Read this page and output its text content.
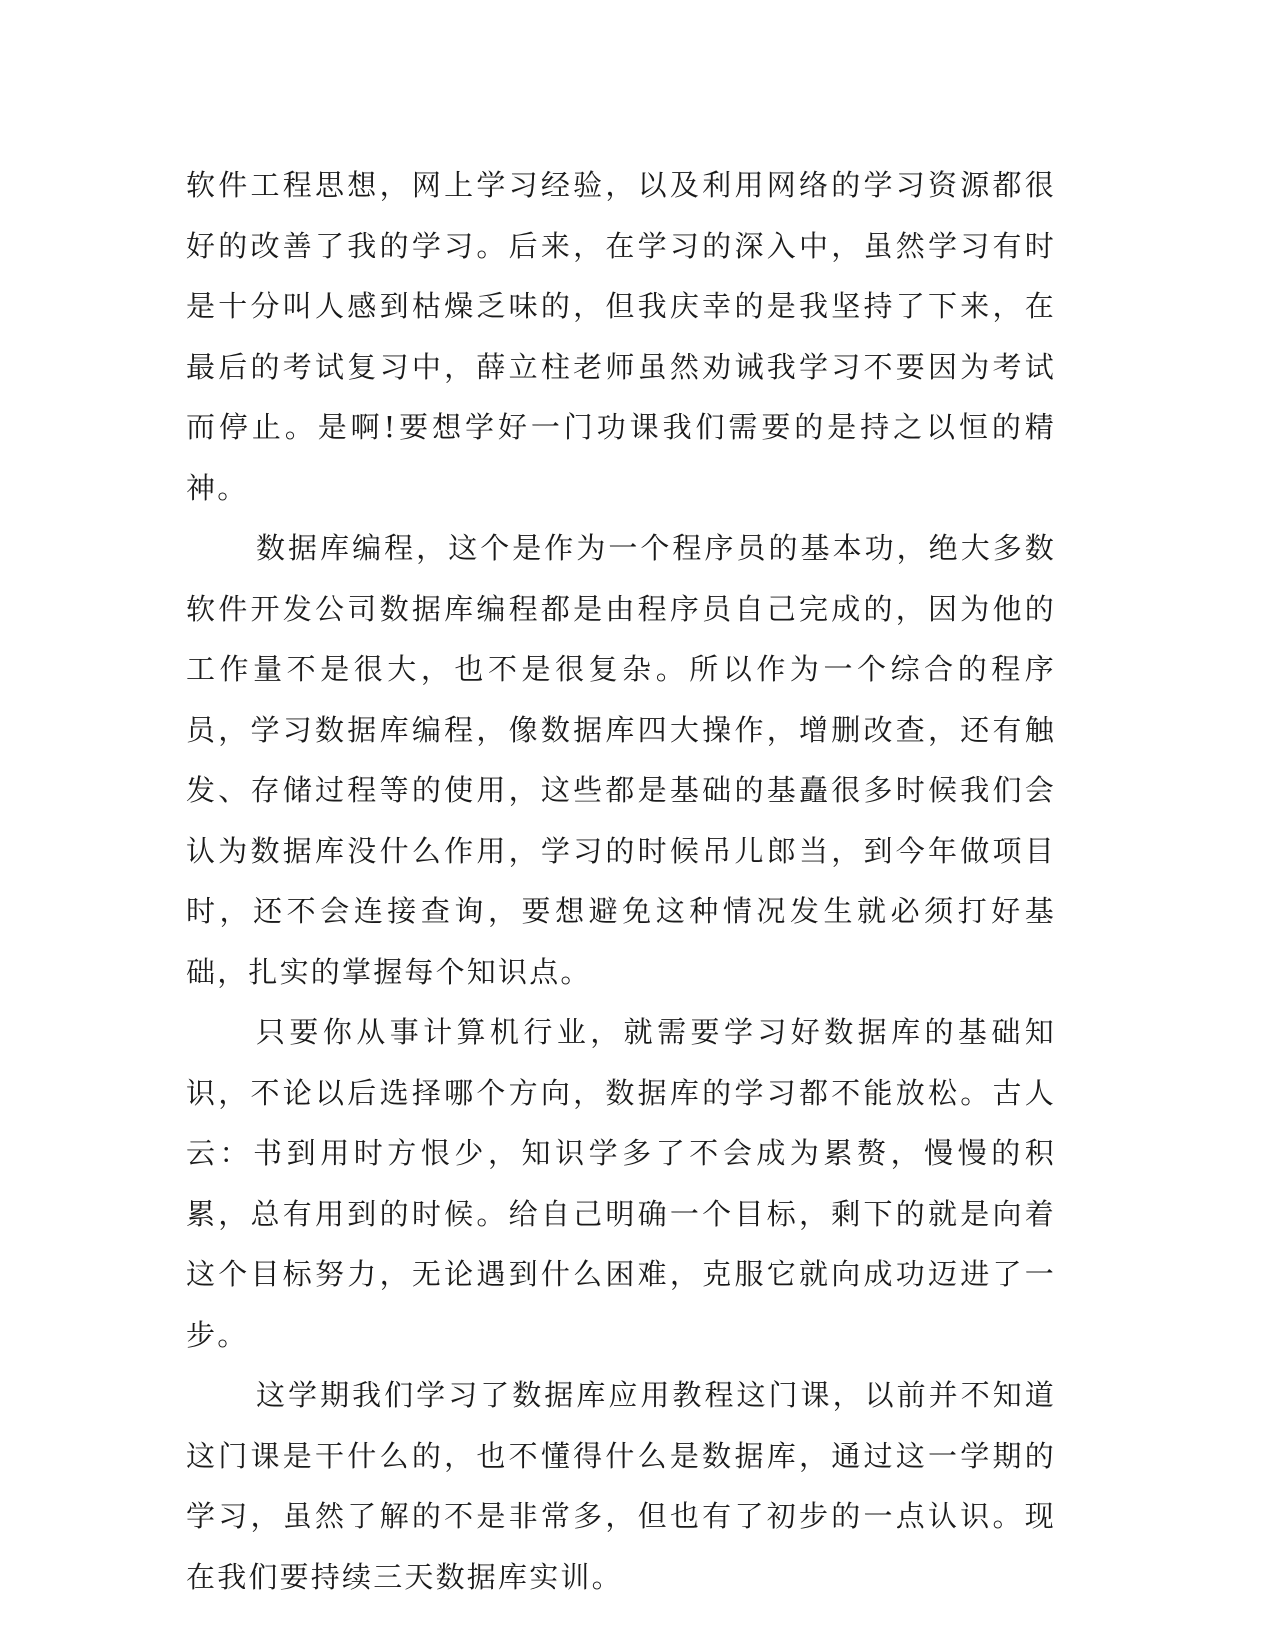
软件工程思想，网上学习经验，以及利用网络的学习资源都很好的改善了我的学习。后来，在学习的深入中，虽然学习有时是十分叫人感到枯燥乏味的，但我庆幸的是我坚持了下来，在最后的考试复习中，薛立柱老师虽然劝诫我学习不要因为考试而停止。是啊!要想学好一门功课我们需要的是持之以恒的精神。

数据库编程，这个是作为一个程序员的基本功，绝大多数软件开发公司数据库编程都是由程序员自己完成的，因为他的工作量不是很大，也不是很复杂。所以作为一个综合的程序员，学习数据库编程，像数据库四大操作，增删改查，还有触发、存储过程等的使用，这些都是基础的基矗很多时候我们会认为数据库没什么作用，学习的时候吊儿郎当，到今年做项目时，还不会连接查询，要想避免这种情况发生就必须打好基础，扎实的掌握每个知识点。

只要你从事计算机行业，就需要学习好数据库的基础知识，不论以后选择哪个方向，数据库的学习都不能放松。古人云：书到用时方恨少，知识学多了不会成为累赘，慢慢的积累，总有用到的时候。给自己明确一个目标，剩下的就是向着这个目标努力，无论遇到什么困难，克服它就向成功迈进了一步。

这学期我们学习了数据库应用教程这门课，以前并不知道这门课是干什么的，也不懂得什么是数据库，通过这一学期的学习，虽然了解的不是非常多，但也有了初步的一点认识。现在我们要持续三天数据库实训。
